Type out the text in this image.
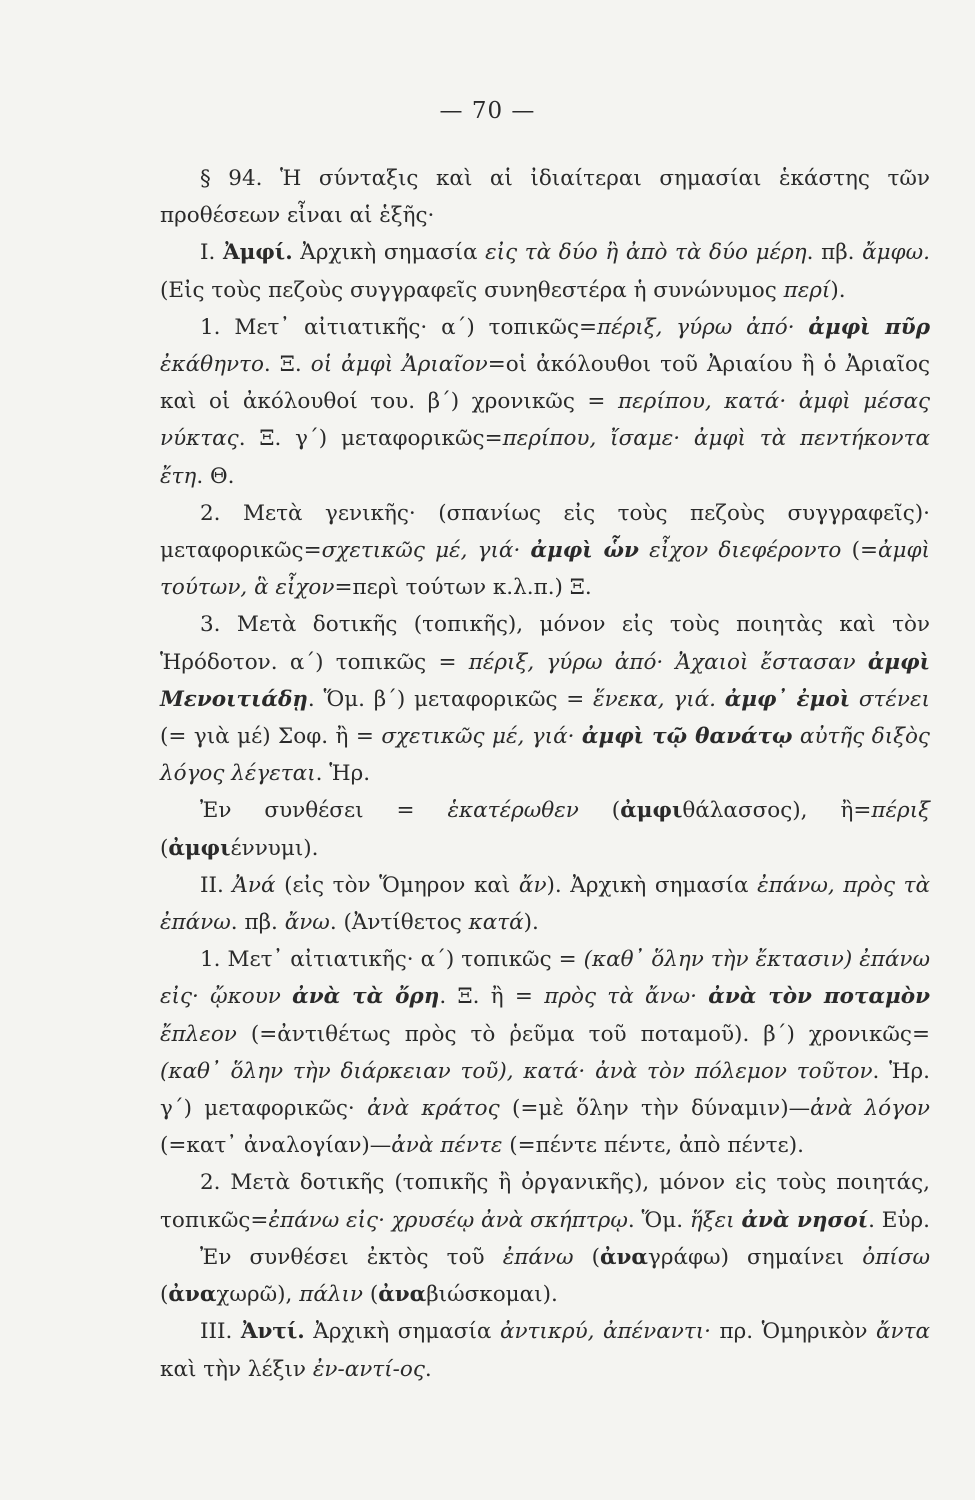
— 70 —

§ 94. Ἡ σύνταξις καὶ αἱ ἰδιαίτεραι σημασίαι ἑκάστης τῶν προθέσεων εἶναι αἱ ἑξῆς·

I. Ἀμφί. Ἀρχικὴ σημασία εἰς τὰ δύο ἢ ἀπὸ τὰ δύο μέρη. πβ. ἄμφω. (Εἰς τοὺς πεζοὺς συγγραφεῖς συνηθεστέρα ἡ συνώνυμος περί).

1. Μετ᾽ αἰτιατικῆς· α΄) τοπικῶς=πέριξ, γύρω ἀπό· ἀμφὶ πῦρ ἐκάθηντο. Ξ. οἱ ἀμφὶ Ἀριαῖον=οἱ ἀκόλουθοι τοῦ Ἀριαίου ἢ ὁ Ἀριαῖος καὶ οἱ ἀκόλουθοί του. β΄) χρονικῶς = περίπου, κατά· ἀμφὶ μέσας νύκτας. Ξ. γ΄) μεταφορικῶς=περίπου, ἴσαμε· ἀμφὶ τὰ πεντήκοντα ἔτη. Θ.

2. Μετὰ γενικῆς· (σπανίως εἰς τοὺς πεζοὺς συγγραφεῖς)· μεταφορικῶς=σχετικῶς μέ, γιά· ἀμφὶ ὧν εἶχον διεφέροντο (=ἀμφὶ τούτων, ἃ εἶχον=περὶ τούτων κ.λ.π.) Ξ.

3. Μετὰ δοτικῆς (τοπικῆς), μόνον εἰς τοὺς ποιητὰς καὶ τὸν Ἡρόδοτον. α΄) τοπικῶς = πέριξ, γύρω ἀπό· Ἀχαιοὶ ἔστασαν ἀμφὶ Μενοιτιάδῃ. Ὅμ. β΄) μεταφορικῶς = ἕνεκα, γιά. ἀμφ᾽ ἐμοὶ στένει (= γιὰ μέ) Σοφ. ἢ = σχετικῶς μέ, γιά· ἀμφὶ τῷ θανάτῳ αὐτῆς διξὸς λόγος λέγεται. Ἡρ.

Ἐν συνθέσει = ἑκατέρωθεν (ἀμφιθάλασσος), ἢ=πέριξ (ἀμφιέννυμι).

II. Ἀνά (εἰς τὸν Ὅμηρον καὶ ἄν). Ἀρχικὴ σημασία ἐπάνω, πρὸς τὰ ἐπάνω. πβ. ἄνω. (Ἀντίθετος κατά).

1. Μετ᾽ αἰτιατικῆς· α΄) τοπικῶς = (καθ᾽ ὅλην τὴν ἔκτασιν) ἐπάνω εἰς· ᾤκουν ἀνὰ τὰ ὄρη. Ξ. ἢ = πρὸς τὰ ἄνω· ἀνὰ τὸν ποταμὸν ἔπλεον (=ἀντιθέτως πρὸς τὸ ῥεῦμα τοῦ ποταμοῦ). β΄) χρονικῶς=(καθ᾽ ὅλην τὴν διάρκειαν τοῦ), κατά· ἀνὰ τὸν πόλεμον τοῦτον. Ἡρ. γ΄) μεταφορικῶς· ἀνὰ κράτος (=μὲ ὅλην τὴν δύναμιν)—ἀνὰ λόγον (=κατ᾽ ἀναλογίαν)—ἀνὰ πέντε (=πέντε πέντε, ἀπὸ πέντε).

2. Μετὰ δοτικῆς (τοπικῆς ἢ ὀργανικῆς), μόνον εἰς τοὺς ποιητάς, τοπικῶς=ἐπάνω εἰς· χρυσέῳ ἀνὰ σκήπτρῳ. Ὅμ. ἥξει ἀνὰ νησοί. Εὐρ.

Ἐν συνθέσει ἐκτὸς τοῦ ἐπάνω (ἀναγράφω) σημαίνει ὀπίσω (ἀναχωρῶ), πάλιν (ἀναβιώσκομαι).

III. Ἀντί. Ἀρχικὴ σημασία ἀντικρύ, ἀπέναντι· πρ. Ὁμηρικὸν ἄντα καὶ τὴν λέξιν ἐν-αντί-ος.
